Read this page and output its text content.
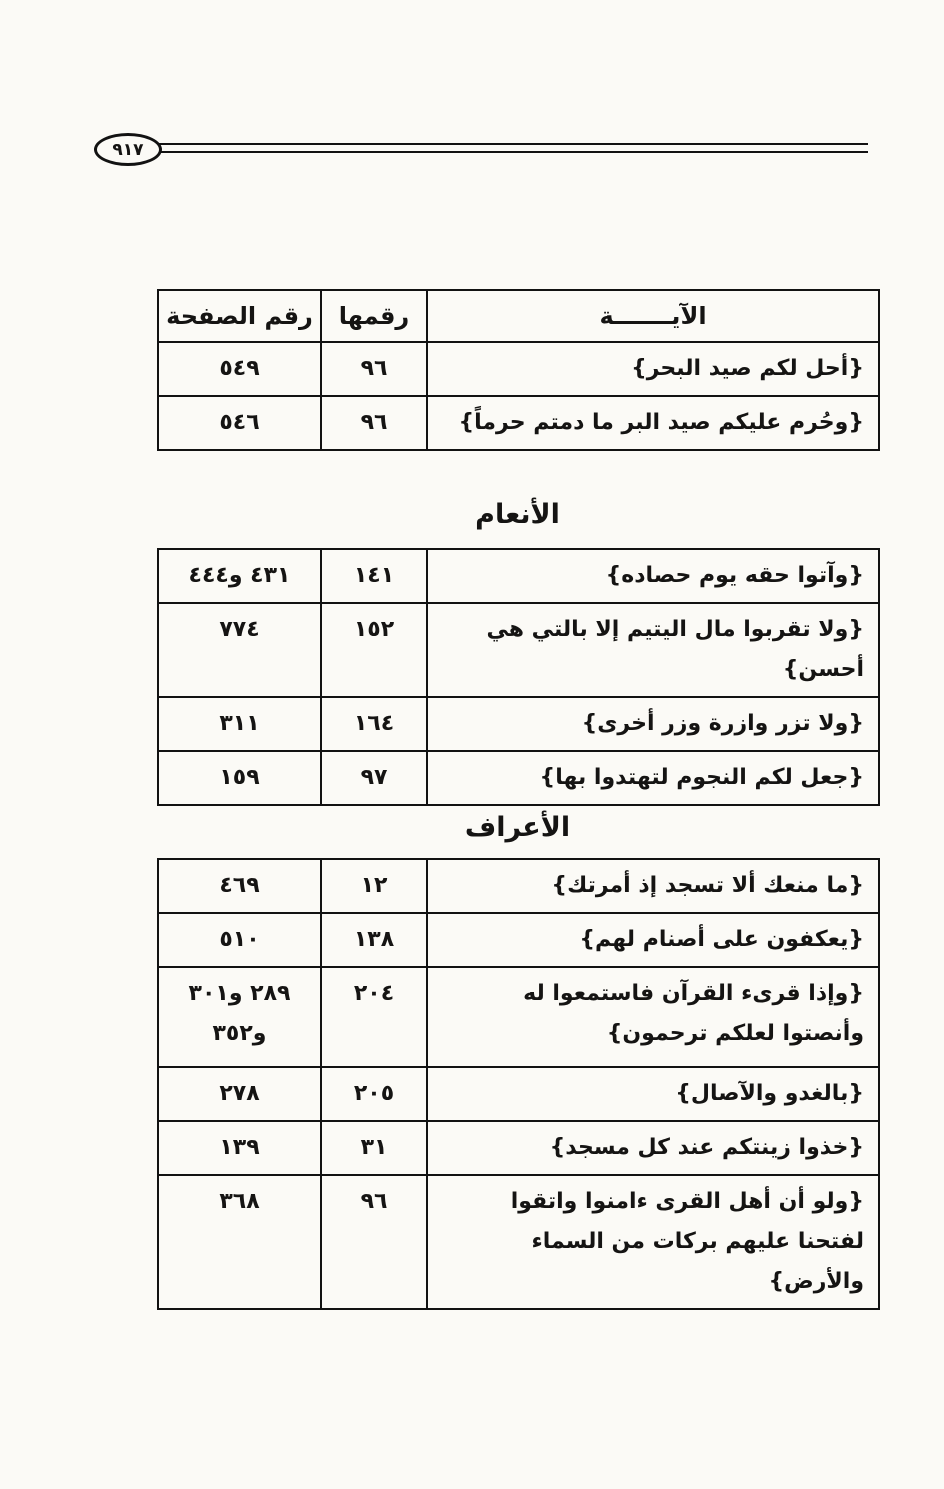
٩١٧
الآيـــــــة	رقمها	رقم الصفحة
{أحل لكم صيد البحر}	٩٦	٥٤٩
{وحُرم عليكم صيد البر ما دمتم حرماً}	٩٦	٥٤٦
الأنعام
{وآتوا حقه يوم حصاده}	١٤١	٤٣١ و٤٤٤
{ولا تقربوا مال اليتيم إلا بالتي هي أحسن}	١٥٢	٧٧٤
{ولا تزر وازرة وزر أخرى}	١٦٤	٣١١
{جعل لكم النجوم لتهتدوا بها}	٩٧	١٥٩
الأعراف
{ما منعك ألا تسجد إذ أمرتك}	١٢	٤٦٩
{يعكفون على أصنام لهم}	١٣٨	٥١٠
{وإذا قرىء القرآن فاستمعوا له وأنصتوا لعلكم ترحمون}	٢٠٤	٢٨٩ و٣٠١ و٣٥٢
{بالغدو والآصال}	٢٠٥	٢٧٨
{خذوا زينتكم عند كل مسجد}	٣١	١٣٩
{ولو أن أهل القرى ءامنوا واتقوا لفتحنا عليهم بركات من السماء والأرض}	٩٦	٣٦٨
